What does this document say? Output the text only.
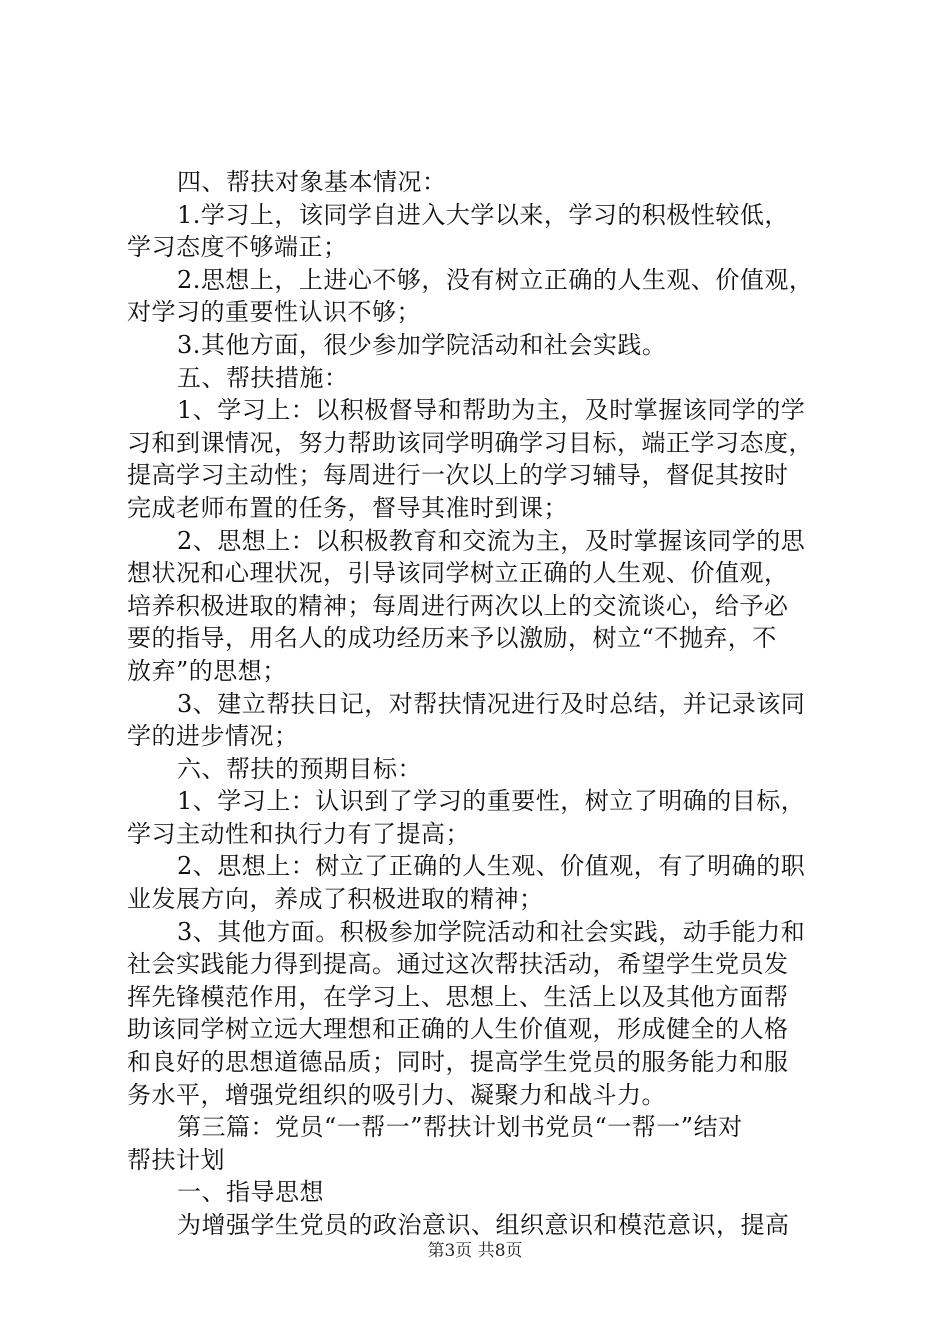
四、帮扶对象基本情况：
1.学习上，该同学自进入大学以来，学习的积极性较低，
学习态度不够端正；
2.思想上，上进心不够，没有树立正确的人生观、价值观，
对学习的重要性认识不够；
3.其他方面，很少参加学院活动和社会实践。
五、帮扶措施：
1、学习上：以积极督导和帮助为主，及时掌握该同学的学
习和到课情况，努力帮助该同学明确学习目标，端正学习态度，
提高学习主动性；每周进行一次以上的学习辅导，督促其按时
完成老师布置的任务，督导其准时到课；
2、思想上：以积极教育和交流为主，及时掌握该同学的思
想状况和心理状况，引导该同学树立正确的人生观、价值观，
培养积极进取的精神；每周进行两次以上的交流谈心，给予必
要的指导，用名人的成功经历来予以激励，树立“不抛弃，不
放弃”的思想；
3、建立帮扶日记，对帮扶情况进行及时总结，并记录该同
学的进步情况；
六、帮扶的预期目标：
1、学习上：认识到了学习的重要性，树立了明确的目标，
学习主动性和执行力有了提高；
2、思想上：树立了正确的人生观、价值观，有了明确的职
业发展方向，养成了积极进取的精神；
3、其他方面。积极参加学院活动和社会实践，动手能力和
社会实践能力得到提高。通过这次帮扶活动，希望学生党员发
挥先锋模范作用，在学习上、思想上、生活上以及其他方面帮
助该同学树立远大理想和正确的人生价值观，形成健全的人格
和良好的思想道德品质；同时，提高学生党员的服务能力和服
务水平，增强党组织的吸引力、凝聚力和战斗力。
第三篇：党员“一帮一”帮扶计划书党员“一帮一”结对
帮扶计划
一、指导思想
为增强学生党员的政治意识、组织意识和模范意识，提高
第3页 共8页
